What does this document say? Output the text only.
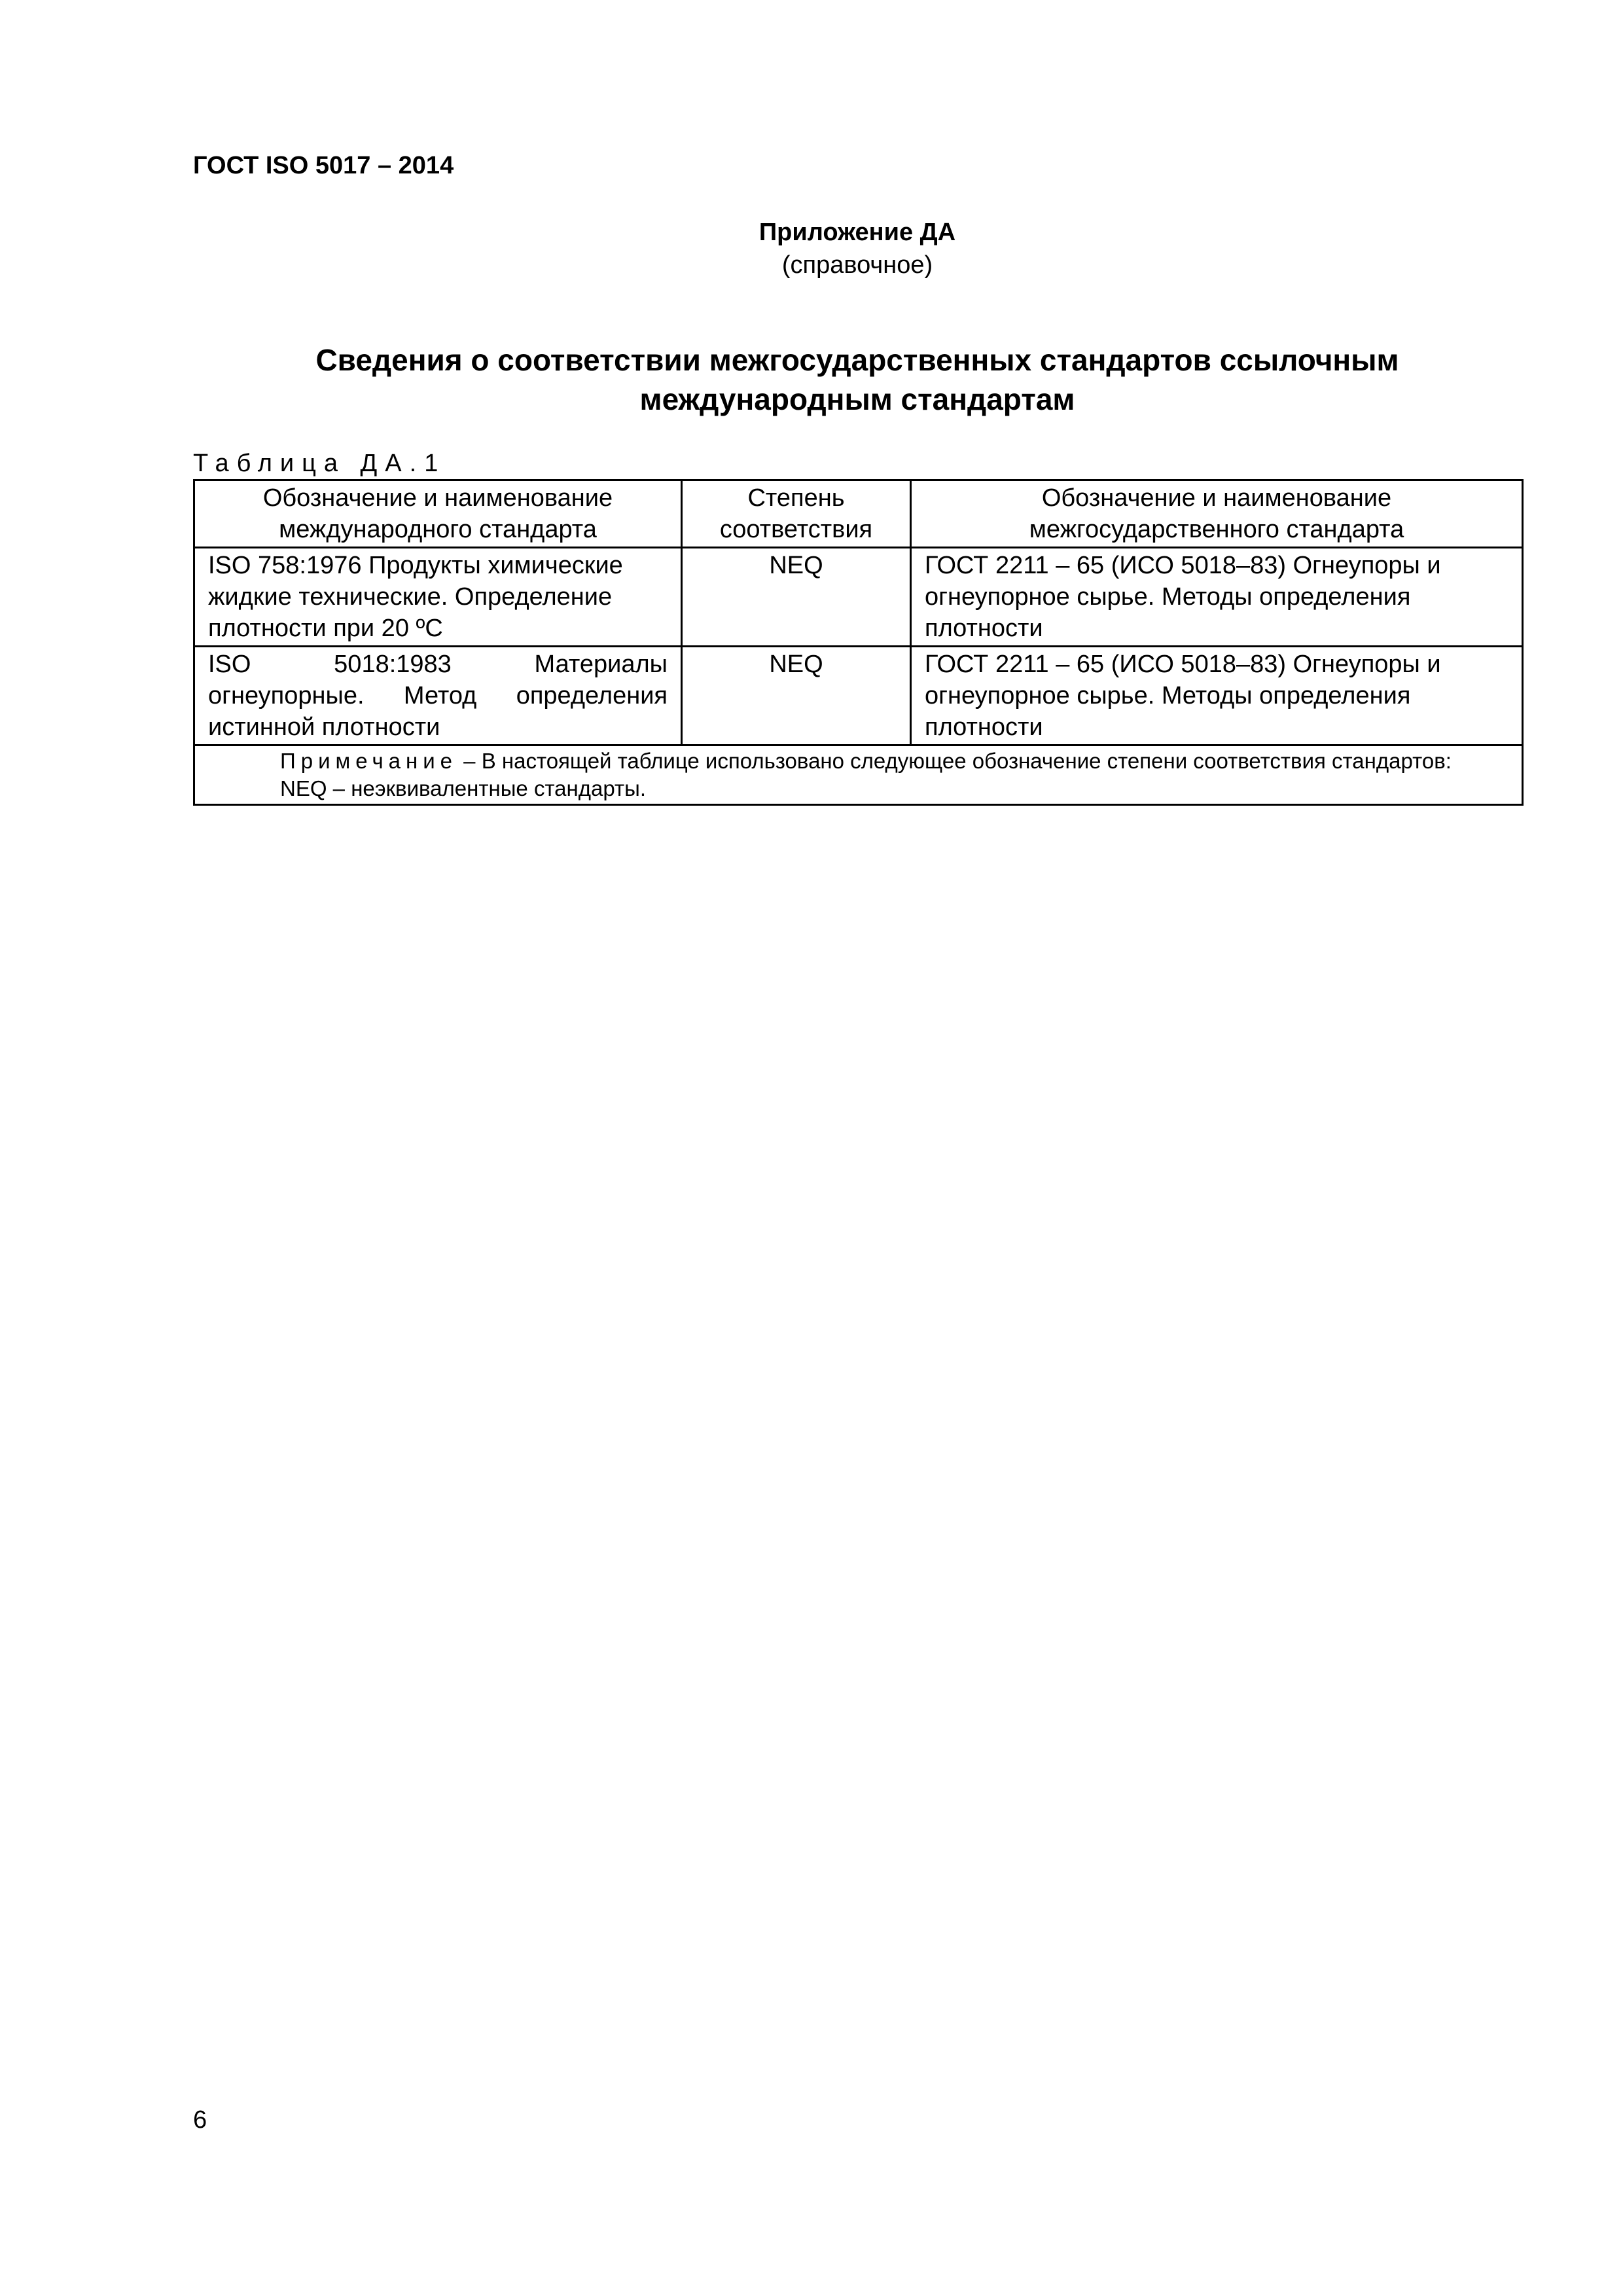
ГОСТ ISO 5017 – 2014
Приложение ДА
(справочное)
Сведения о соответствии межгосударственных стандартов ссылочным
международным стандартам
Таблица ДА.1
Обозначение и наименование международного стандарта	Степень соответствия	Обозначение и наименование межгосударственного стандарта
ISO 758:1976 Продукты химические жидкие технические. Определение плотности при 20 ºС	NEQ	ГОСТ 2211 – 65 (ИСО 5018–83) Огнеупоры и огнеупорное сырье. Методы определения плотности
ISO 5018:1983 Материалы огнеупорные. Метод определения истинной плотности	NEQ	ГОСТ 2211 – 65 (ИСО 5018–83) Огнеупоры и огнеупорное сырье. Методы определения плотности

Примечание – В настоящей таблице использовано следующее обозначение степени соответствия стандартов:
NEQ – неэквивалентные стандарты.		
6
